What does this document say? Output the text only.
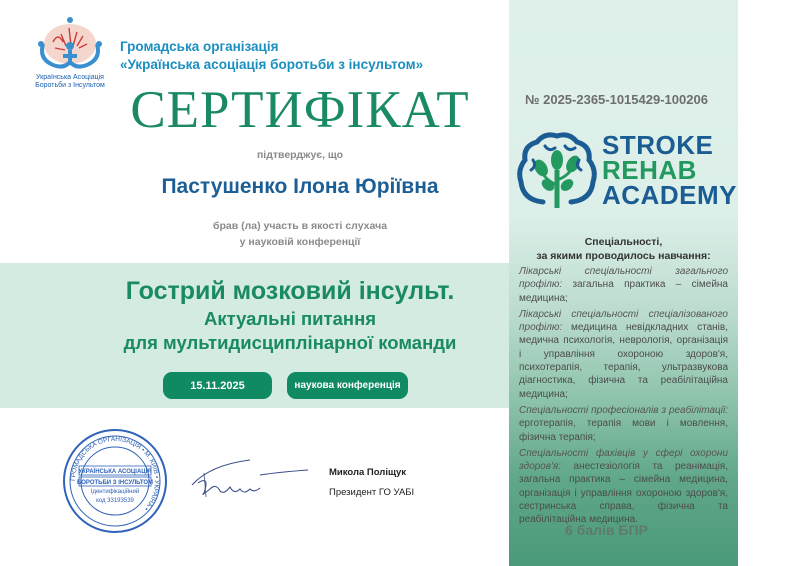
Українська Асоціація
Боротьби з Інсультом
Громадська організація
«Українська асоціація боротьби з інсультом»
СЕРТИФІКАТ
підтверджує, що
Пастушенко Ілона Юріївна
брав (ла) участь в якості слухача
у науковій конференції
Гострий мозковий інсульт.
Актуальні питання
для мультидисциплінарної команди
15.11.2025	наукова конференція
ГРОМАДСЬКА ОРГАНІЗАЦІЯ • М. КИЇВ • УКРАЇНА •
УКРАЇНСЬКА АСОЦІАЦІЯ
БОРОТЬБИ З ІНСУЛЬТОМ
Ідентифікаційний
код 33193539
Микола Поліщук
Президент ГО УАБІ
№ 2025-2365-1015429-100206
STROKE
REHAB
ACADEMY
Спеціальності,
за якими проводилось навчання:
Лікарські спеціальності загального профілю: загальна практика – сімейна медицина;
Лікарські спеціальності спеціалізованого профілю: медицина невідкладних станів, медична психологія, неврологія, організація і управління охороною здоров'я, психотерапія, терапія, ультразвукова діагностика, фізична та реабілітаційна медицина;
Спеціальності професіоналів з реабілітації: ерготерапія, терапія мови і мовлення, фізична терапія;
Спеціальності фахівців у сфері охорони здоров'я: анестезіологія та реанімація, загальна практика – сімейна медицина, організація і управління охороною здоров'я, сестринська справа, фізична та реабілітаційна медицина.
6 балів БПР
